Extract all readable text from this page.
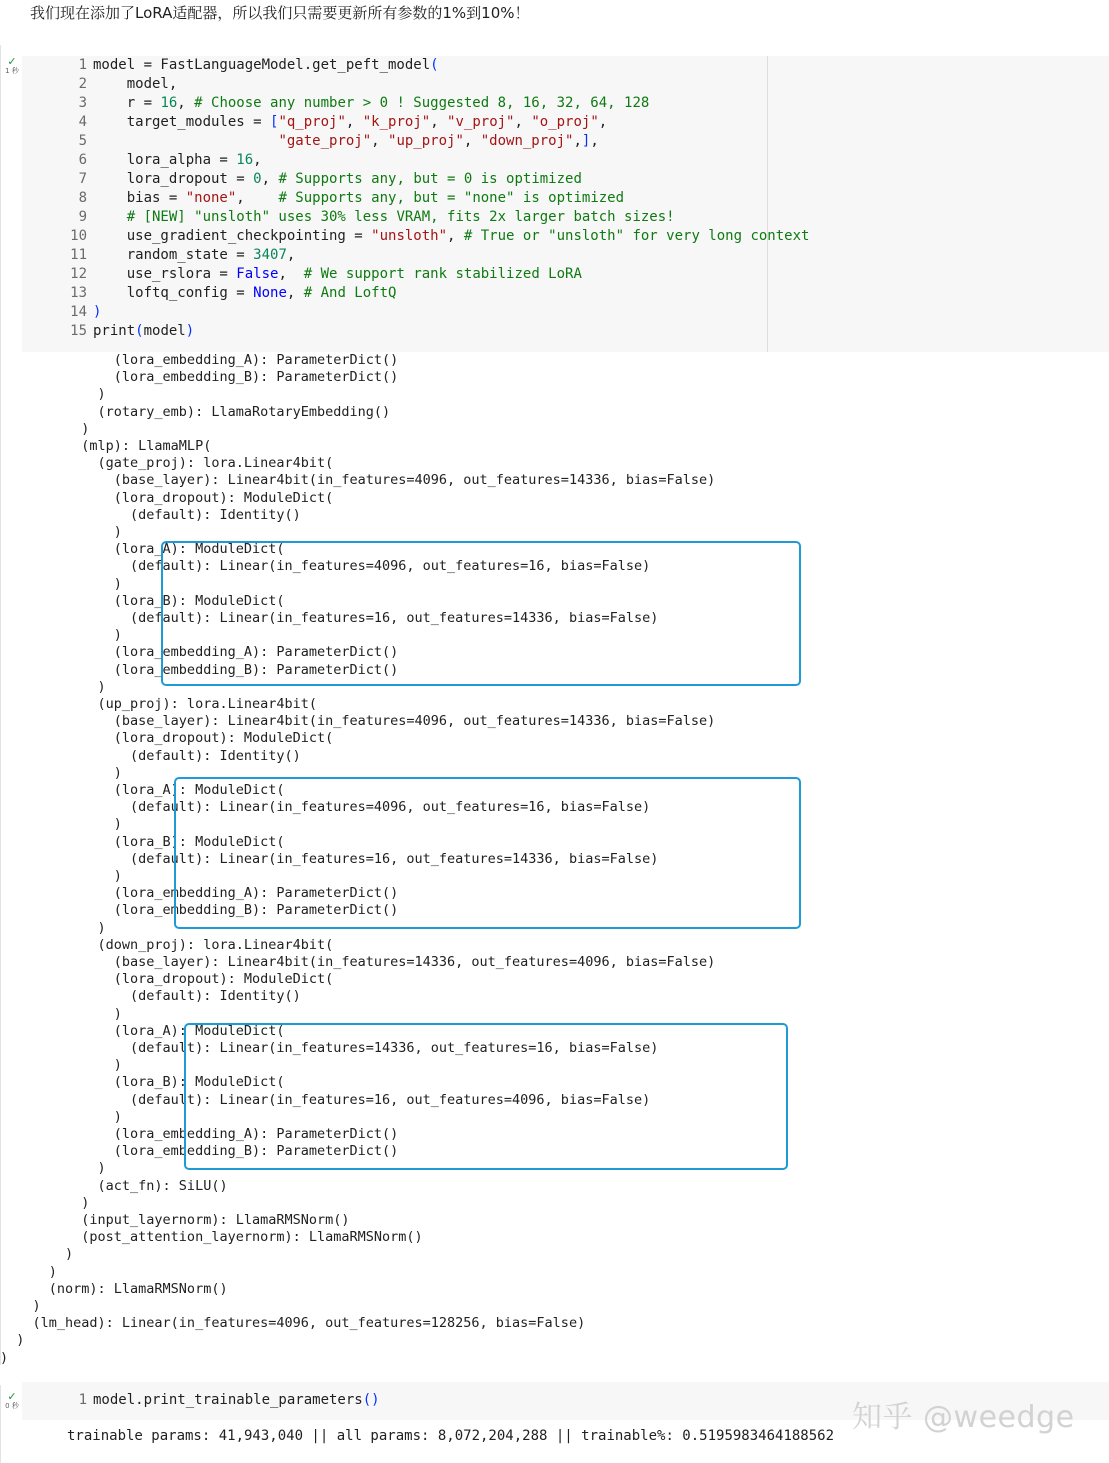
我们现在添加了LoRA适配器，所以我们只需要更新所有参数的1%到10%！
✓
1 秒	1 model = FastLanguageModel.get_peft_model(
2    model,
3    r = 16, # Choose any number > 0 ! Suggested 8, 16, 32, 64, 128
4    target_modules = ["q_proj", "k_proj", "v_proj", "o_proj",
5	"gate_proj", "up_proj", "down_proj",],
6    lora_alpha = 16,
7    lora_dropout = 0, # Supports any, but = 0 is optimized
8    bias = "none",    # Supports any, but = "none" is optimized
9	# [NEW] "unsloth" uses 30% less VRAM, fits 2x larger batch sizes!
10    use_gradient_checkpointing = "unsloth", # True or "unsloth" for very long context
11    random_state = 3407,
12    use_rslora = False,  # We support rank stabilized LoRA
13    loftq_config = None, # And LoftQ
14 )
15 print(model)
(lora_embedding_A): ParameterDict()
(lora_embedding_B): ParameterDict()
)
(rotary_emb): LlamaRotaryEmbedding()
)
(mlp): LlamaMLP(
(gate_proj): lora.Linear4bit(
(base_layer): Linear4bit(in_features=4096, out_features=14336, bias=False)
(lora_dropout): ModuleDict(
(default): Identity()
)
(lora_A): ModuleDict(
(default): Linear(in_features=4096, out_features=16, bias=False)
)
(lora_B): ModuleDict(
(default): Linear(in_features=16, out_features=14336, bias=False)
)
(lora_embedding_A): ParameterDict()
(lora_embedding_B): ParameterDict()
)
(up_proj): lora.Linear4bit(
(base_layer): Linear4bit(in_features=4096, out_features=14336, bias=False)
(lora_dropout): ModuleDict(
(default): Identity()
)
(lora_A): ModuleDict(
(default): Linear(in_features=4096, out_features=16, bias=False)
)
(lora_B): ModuleDict(
(default): Linear(in_features=16, out_features=14336, bias=False)
)
(lora_embedding_A): ParameterDict()
(lora_embedding_B): ParameterDict()
)
(down_proj): lora.Linear4bit(
(base_layer): Linear4bit(in_features=14336, out_features=4096, bias=False)
(lora_dropout): ModuleDict(
(default): Identity()
)
(lora_A): ModuleDict(
(default): Linear(in_features=14336, out_features=16, bias=False)
)
(lora_B): ModuleDict(
(default): Linear(in_features=16, out_features=4096, bias=False)
)
(lora_embedding_A): ParameterDict()
(lora_embedding_B): ParameterDict()
)
(act_fn): SiLU()
)
(input_layernorm): LlamaRMSNorm()
(post_attention_layernorm): LlamaRMSNorm()
)
)
(norm): LlamaRMSNorm()
)
(lm_head): Linear(in_features=4096, out_features=128256, bias=False)
)
)
✓
0 秒	1 model.print_trainable_parameters()
trainable params: 41,943,040 || all params: 8,072,204,288 || trainable%: 0.5195983464188562
知乎 @weedge
